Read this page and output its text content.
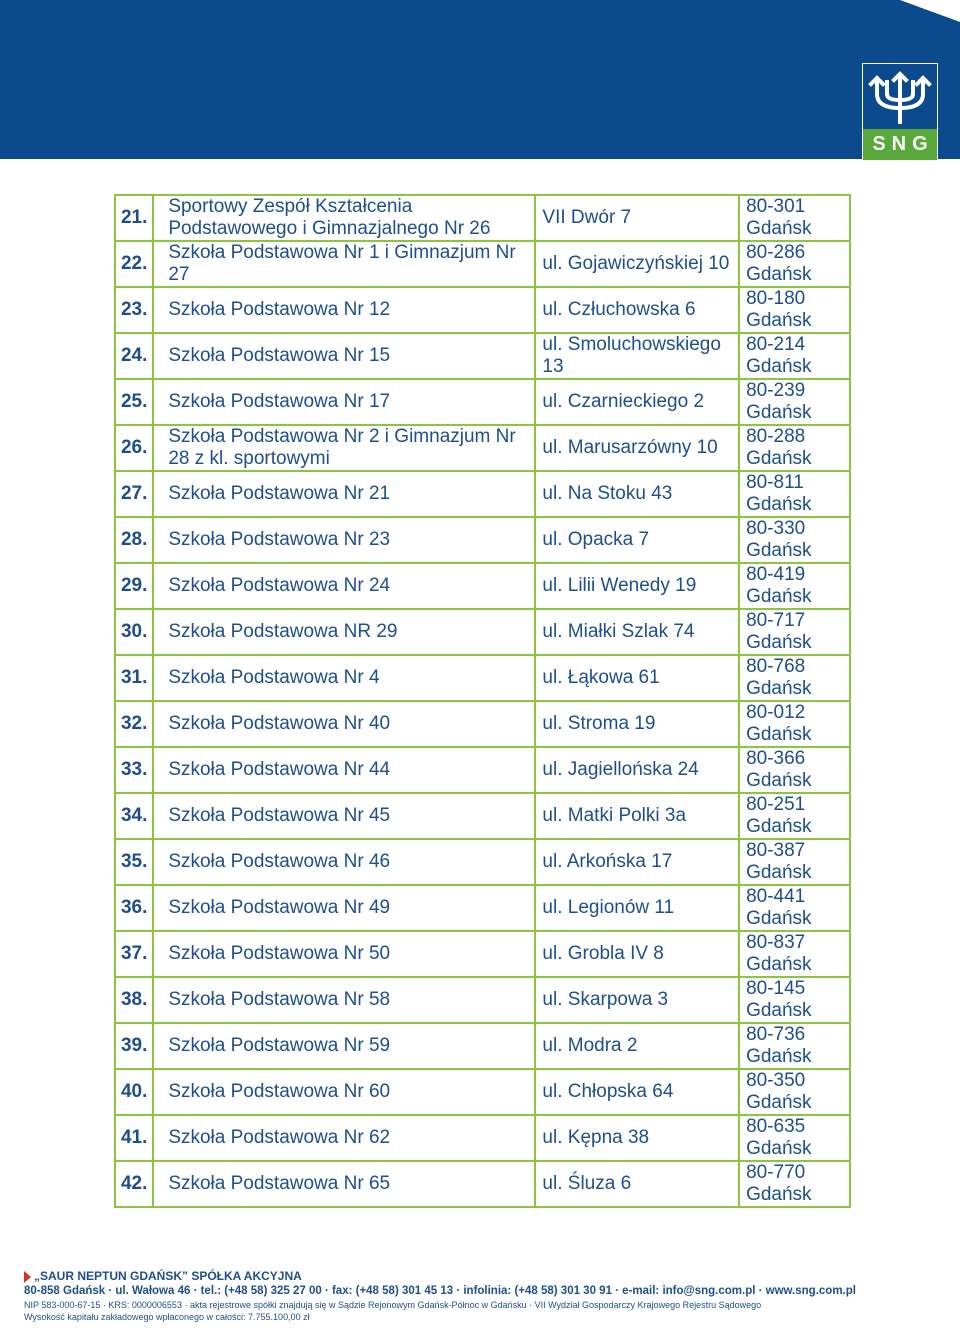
SNG
21.	Sportowy Zespół Kształcenia Podstawowego i Gimnazjalnego Nr 26	VII Dwór 7	80-301
Gdańsk

22.	Szkoła Podstawowa Nr 1 i Gimnazjum Nr 27	ul. Gojawiczyńskiej 10	80-286
Gdańsk

23.	Szkoła Podstawowa Nr 12	ul. Człuchowska 6	80-180
Gdańsk

24.	Szkoła Podstawowa Nr 15	ul. Smoluchowskiego 13	80-214
Gdańsk

25.	Szkoła Podstawowa Nr 17	ul. Czarnieckiego 2	80-239
Gdańsk

26.	Szkoła Podstawowa Nr 2 i Gimnazjum Nr 28 z kl. sportowymi	ul. Marusarzówny 10	80-288
Gdańsk

27.	Szkoła Podstawowa Nr 21	ul. Na Stoku 43	80-811
Gdańsk

28.	Szkoła Podstawowa Nr 23	ul. Opacka 7	80-330
Gdańsk

29.	Szkoła Podstawowa Nr 24	ul. Lilii Wenedy 19	80-419
Gdańsk

30.	Szkoła Podstawowa NR 29	ul. Miałki Szlak 74	80-717
Gdańsk

31.	Szkoła Podstawowa Nr 4	ul. Łąkowa 61	80-768
Gdańsk

32.	Szkoła Podstawowa Nr 40	ul. Stroma 19	80-012
Gdańsk

33.	Szkoła Podstawowa Nr 44	ul. Jagiellońska 24	80-366
Gdańsk

34.	Szkoła Podstawowa Nr 45	ul. Matki Polki 3a	80-251
Gdańsk

35.	Szkoła Podstawowa Nr 46	ul. Arkońska 17	80-387
Gdańsk

36.	Szkoła Podstawowa Nr 49	ul. Legionów 11	80-441
Gdańsk

37.	Szkoła Podstawowa Nr 50	ul. Grobla IV 8	80-837
Gdańsk

38.	Szkoła Podstawowa Nr 58	ul. Skarpowa 3	80-145
Gdańsk

39.	Szkoła Podstawowa Nr 59	ul. Modra 2	80-736
Gdańsk

40.	Szkoła Podstawowa Nr 60	ul. Chłopska 64	80-350
Gdańsk

41.	Szkoła Podstawowa Nr 62	ul. Kępna 38	80-635
Gdańsk

42.	Szkoła Podstawowa Nr 65	ul. Śluza 6	80-770
Gdańsk
„SAUR NEPTUN GDAŃSK” SPÓŁKA AKCYJNA
80-858 Gdańsk · ul. Wałowa 46 · tel.: (+48 58) 325 27 00 · fax: (+48 58) 301 45 13 · infolinia: (+48 58) 301 30 91 · e-mail: info@sng.com.pl · www.sng.com.pl
NIP 583-000-67-15 · KRS: 0000006553 · akta rejestrowe spółki znajdują się w Sądzie Rejonowym Gdańsk-Północ w Gdańsku · VII Wydział Gospodarczy Krajowego Rejestru Sądowego
Wysokość kapitału zakładowego wpłaconego w całości: 7.755.100,00 zł
